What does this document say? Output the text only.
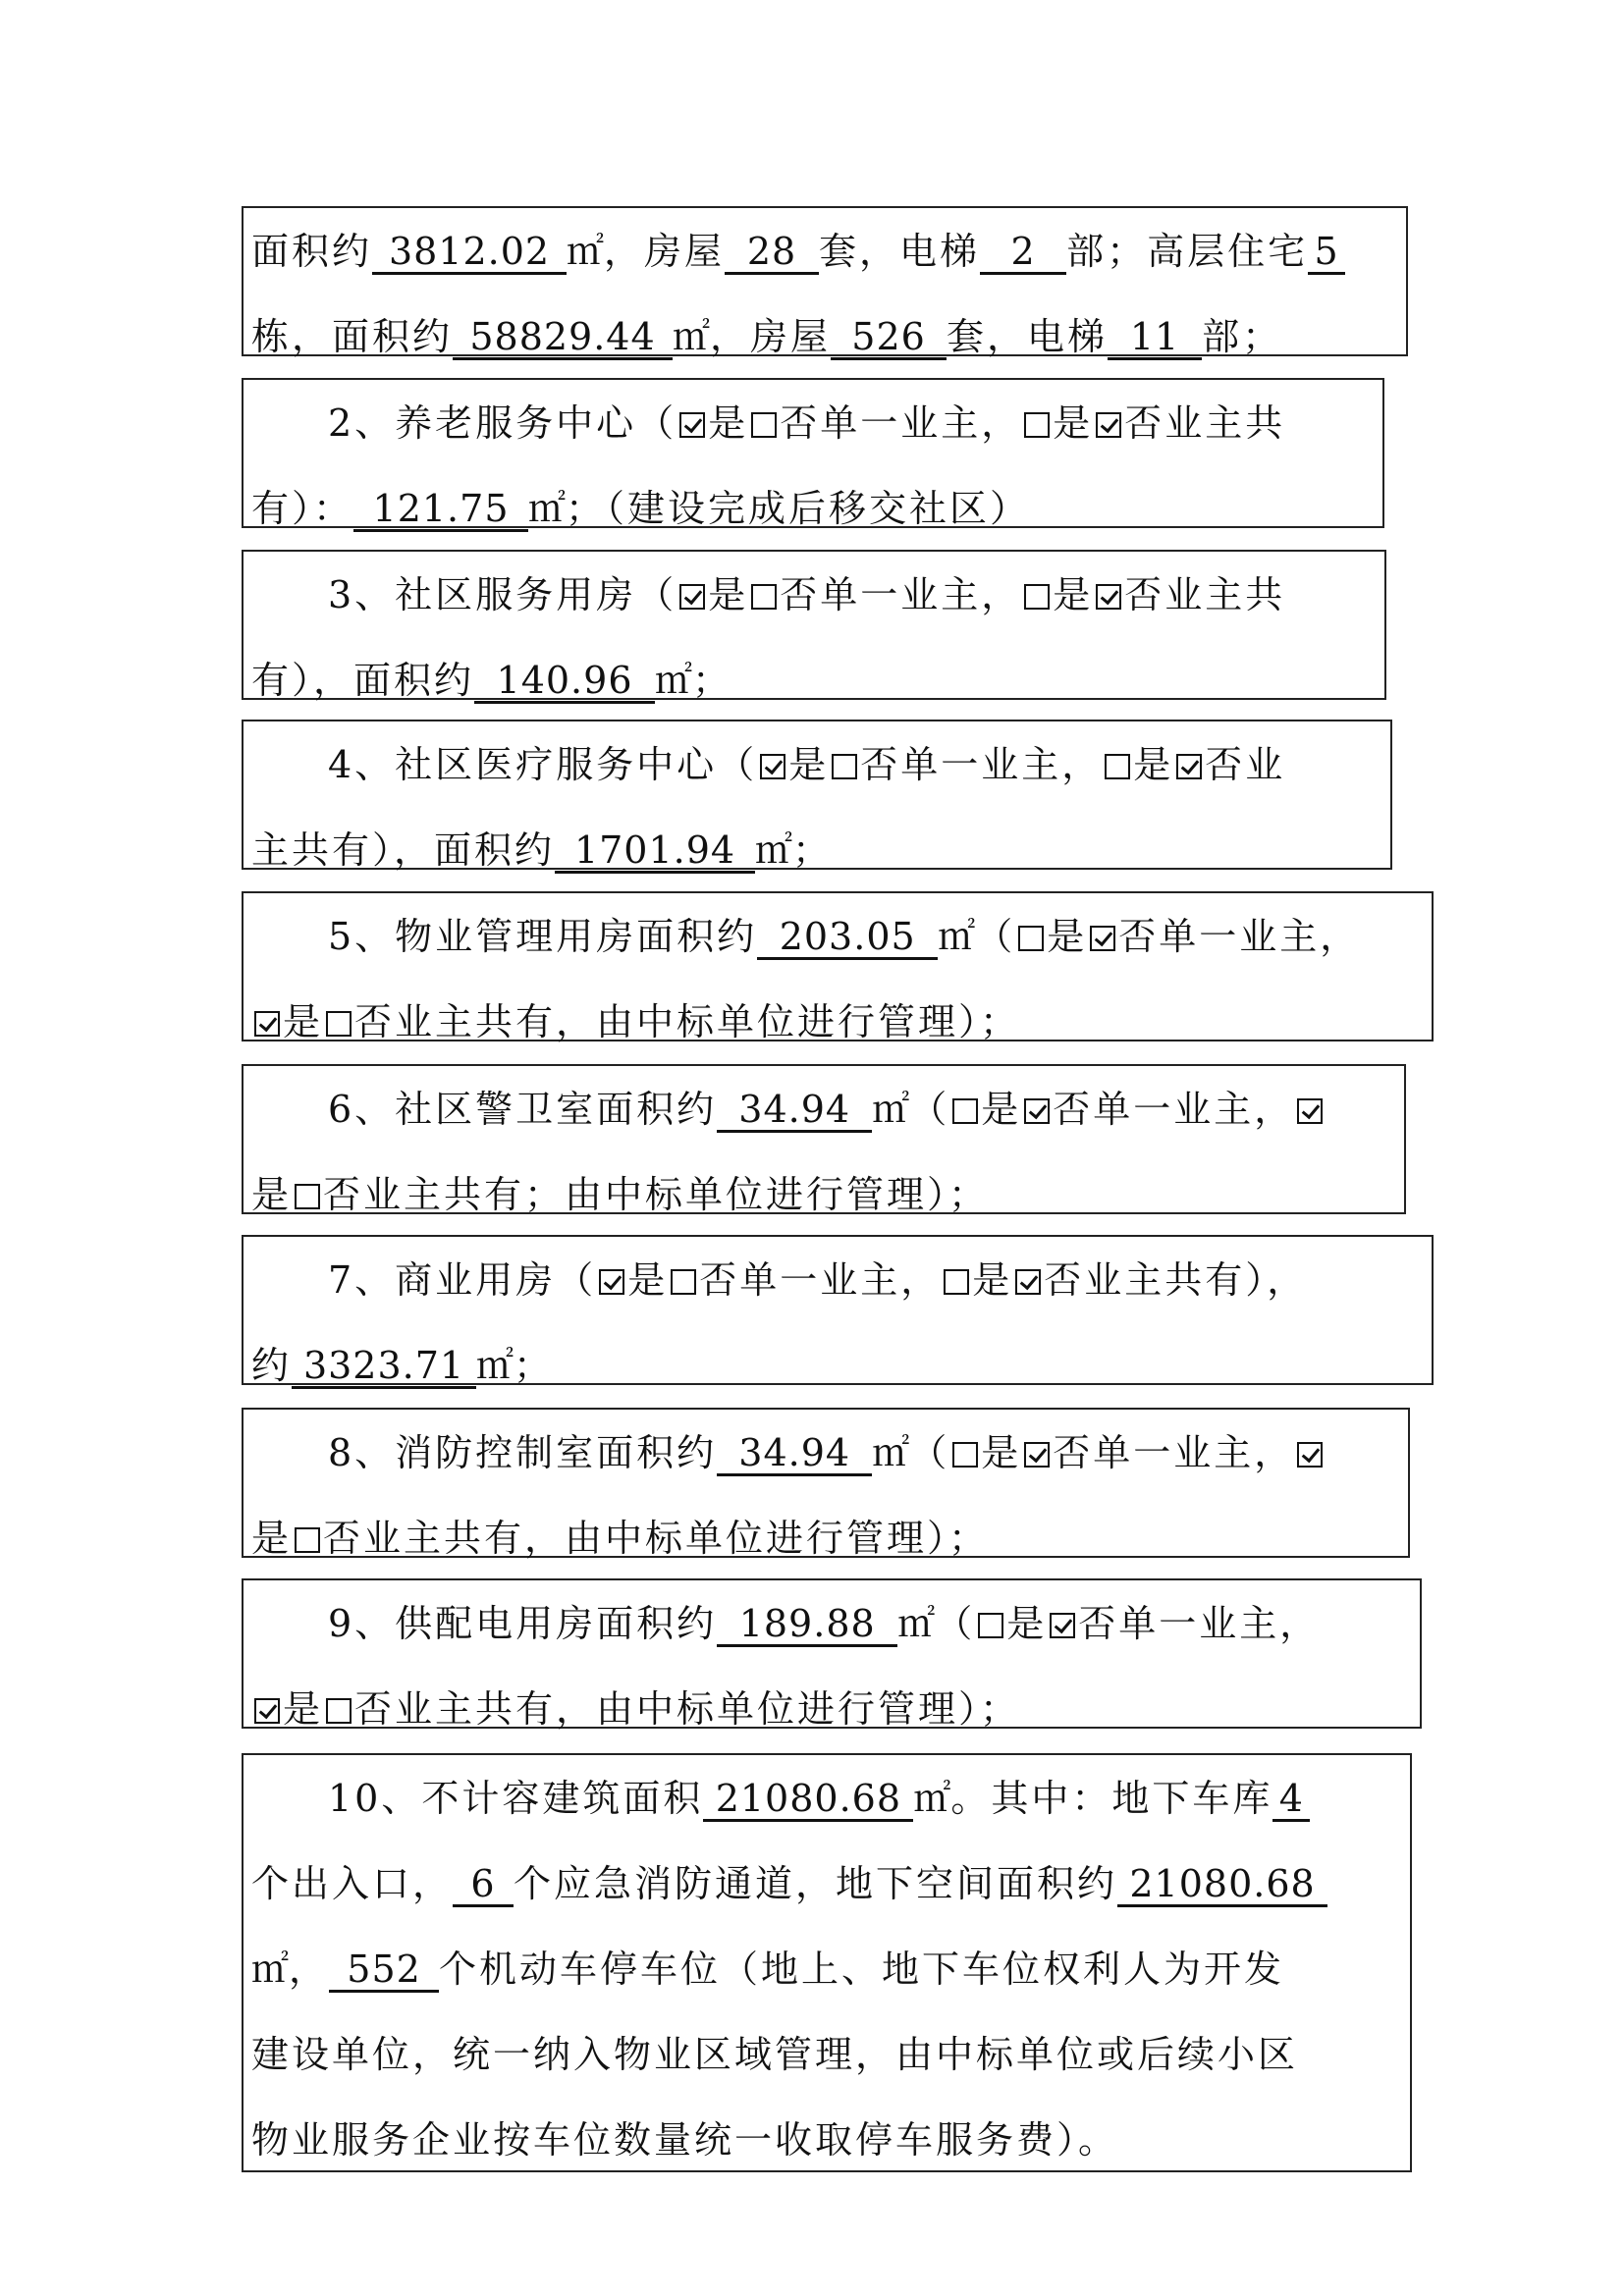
面积约 3812.02 ㎡，房屋 28 套，电梯 2 部；高层住宅 5
栋，面积约 58829.44 ㎡，房屋 526 套，电梯 11 部；
2、养老服务中心（ 是 否单一业主， 是 否业主共
有）： 121.75 ㎡；（建设完成后移交社区）
3、社区服务用房（ 是 否单一业主， 是 否业主共
有），面积约 140.96 ㎡；
4、社区医疗服务中心（ 是 否单一业主， 是 否业
主共有），面积约 1701.94 ㎡；
5、物业管理用房面积约 203.05 ㎡（ 是 否单一业主，
是 否业主共有，由中标单位进行管理）；
6、社区警卫室面积约 34.94 ㎡（ 是 否单一业主，
是 否业主共有；由中标单位进行管理）；
7、商业用房（ 是 否单一业主， 是 否业主共有），
约 3323.71 ㎡；
8、消防控制室面积约 34.94 ㎡（ 是 否单一业主，
是 否业主共有，由中标单位进行管理）；
9、供配电用房面积约 189.88 ㎡（ 是 否单一业主，
是 否业主共有，由中标单位进行管理）；
10、不计容建筑面积 21080.68 ㎡。其中：地下车库 4
个出入口， 6 个应急消防通道，地下空间面积约 21080.68
㎡， 552 个机动车停车位（地上、地下车位权利人为开发
建设单位，统一纳入物业区域管理，由中标单位或后续小区
物业服务企业按车位数量统一收取停车服务费）。
